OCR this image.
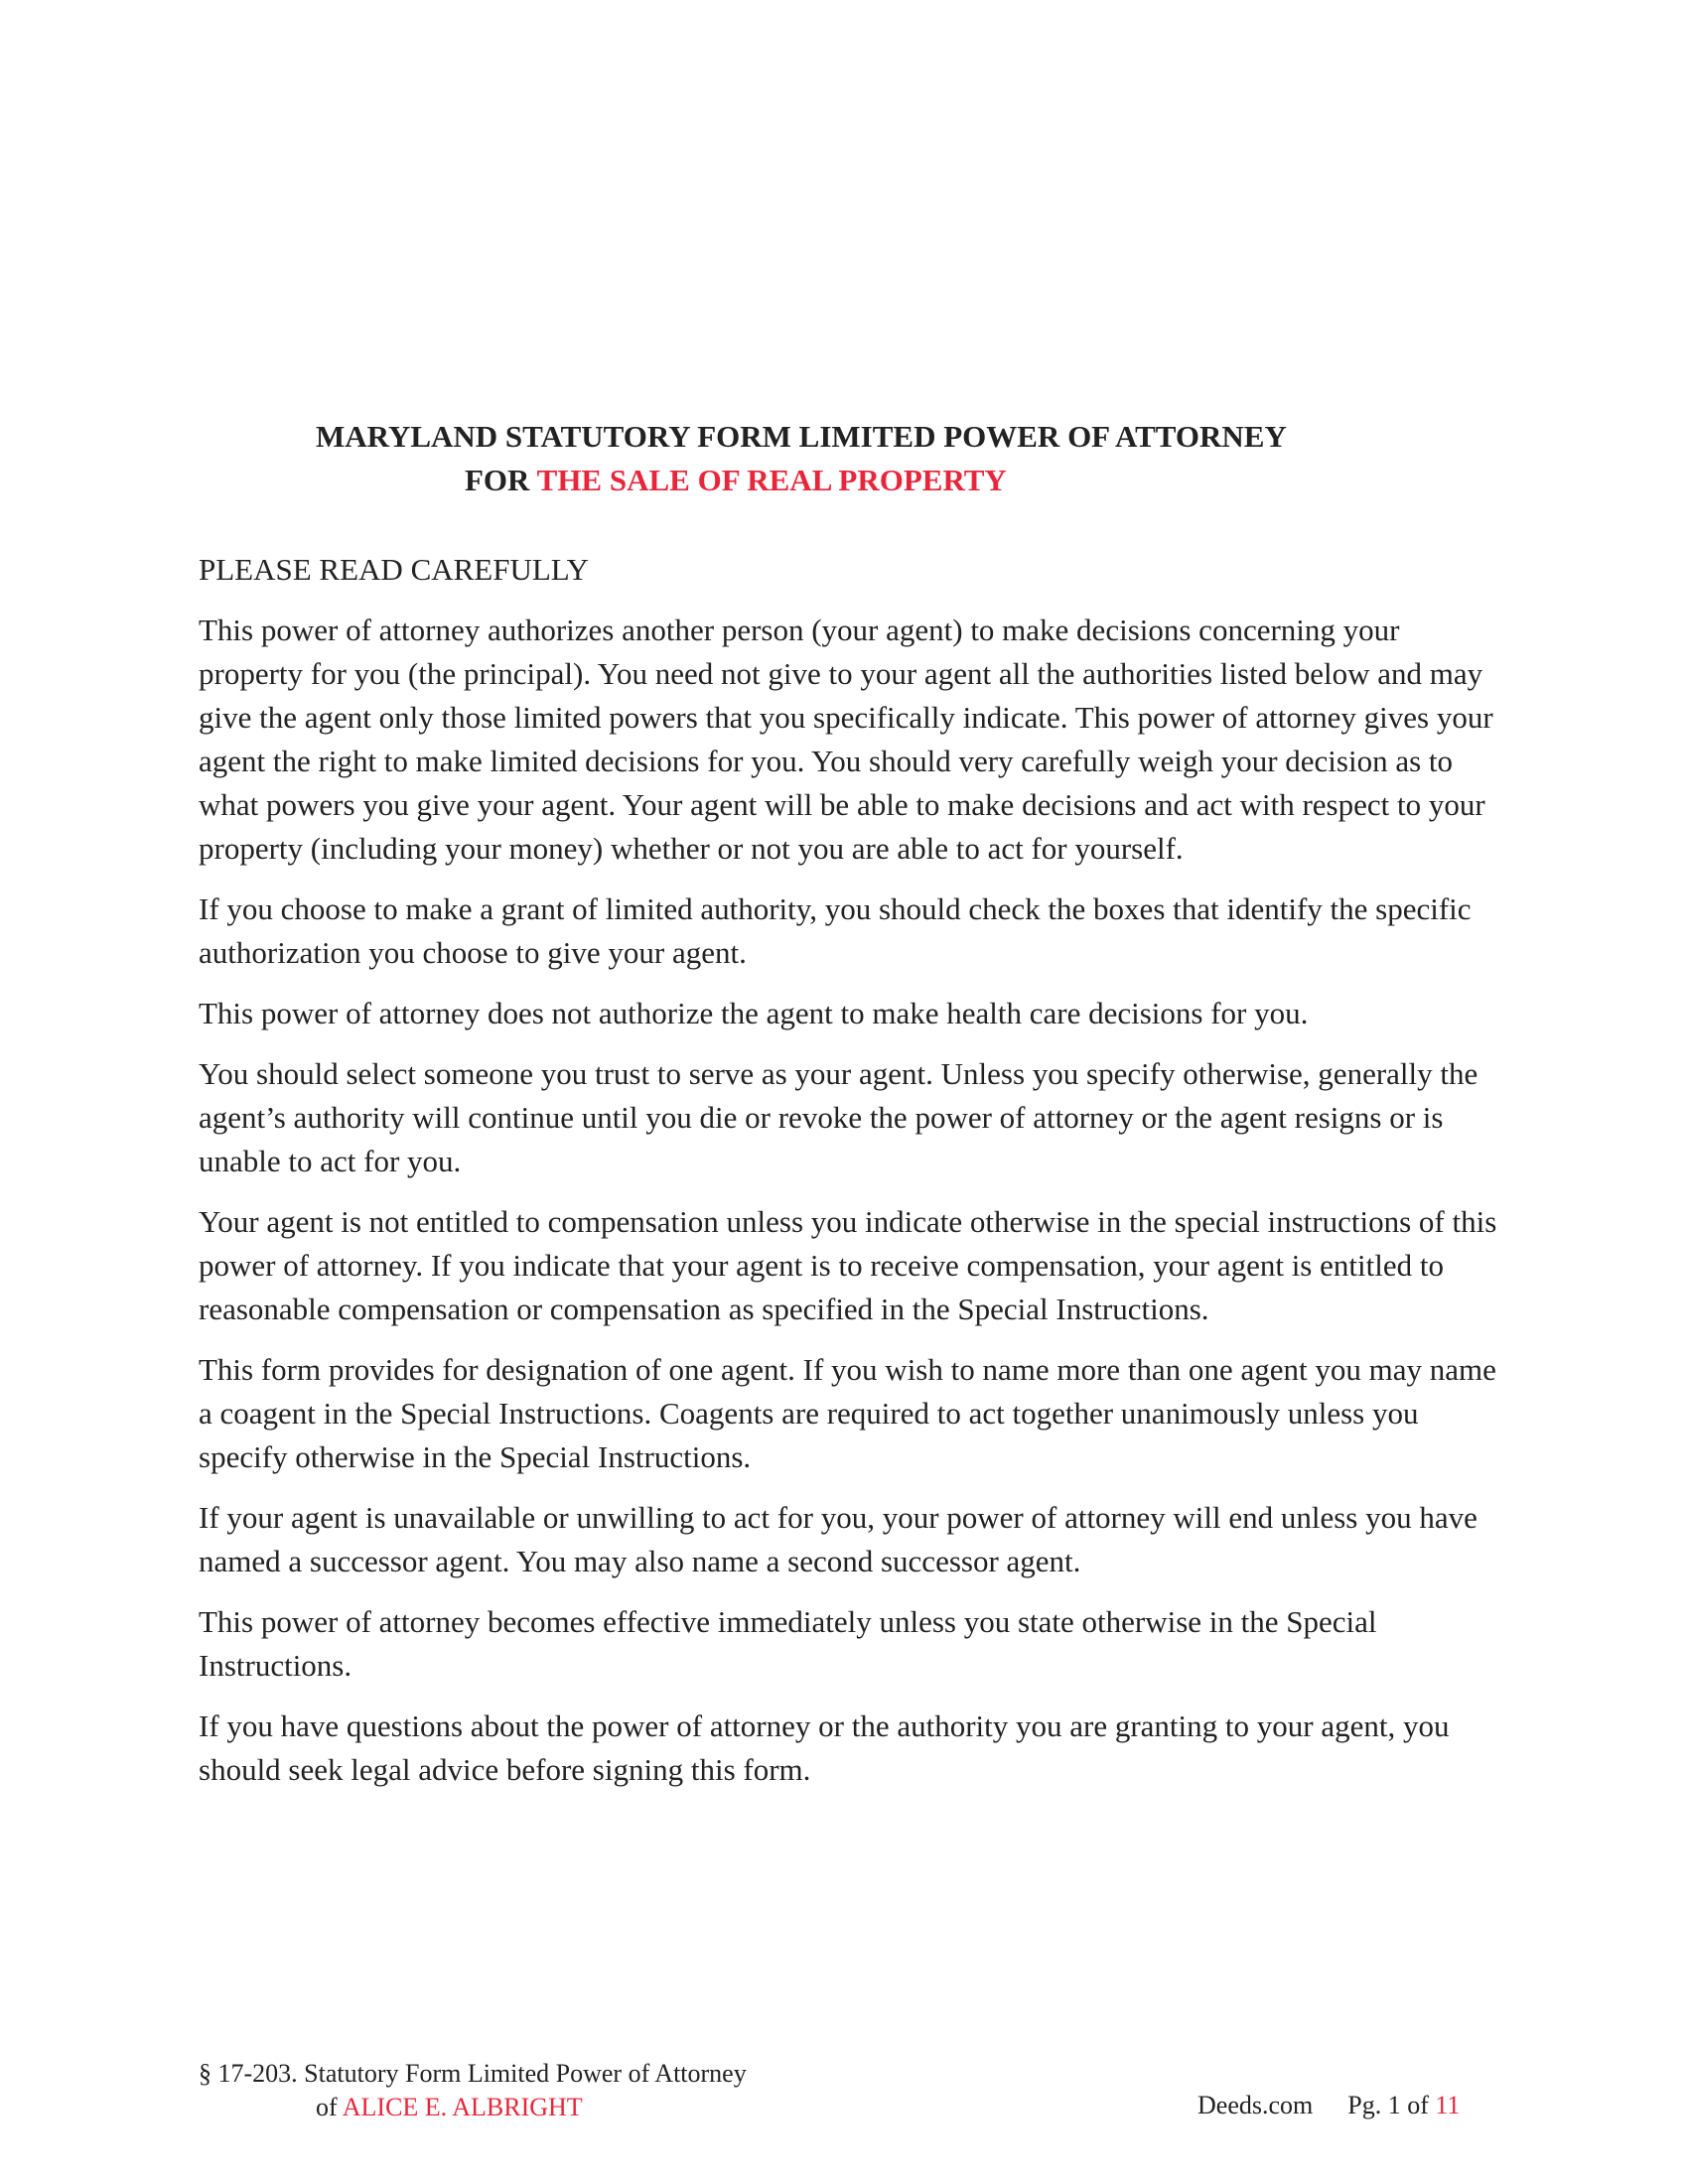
MARYLAND STATUTORY FORM LIMITED POWER OF ATTORNEY
FOR THE SALE OF REAL PROPERTY

PLEASE READ CAREFULLY

This power of attorney authorizes another person (your agent) to make decisions concerning your property for you (the principal). You need not give to your agent all the authorities listed below and may give the agent only those limited powers that you specifically indicate. This power of attorney gives your agent the right to make limited decisions for you. You should very carefully weigh your decision as to what powers you give your agent. Your agent will be able to make decisions and act with respect to your property (including your money) whether or not you are able to act for yourself.

If you choose to make a grant of limited authority, you should check the boxes that identify the specific authorization you choose to give your agent.

This power of attorney does not authorize the agent to make health care decisions for you.

You should select someone you trust to serve as your agent. Unless you specify otherwise, generally the agent’s authority will continue until you die or revoke the power of attorney or the agent resigns or is unable to act for you.

Your agent is not entitled to compensation unless you indicate otherwise in the special instructions of this power of attorney. If you indicate that your agent is to receive compensation, your agent is entitled to reasonable compensation or compensation as specified in the Special Instructions.

This form provides for designation of one agent. If you wish to name more than one agent you may name a coagent in the Special Instructions. Coagents are required to act together unanimously unless you specify otherwise in the Special Instructions.

If your agent is unavailable or unwilling to act for you, your power of attorney will end unless you have named a successor agent. You may also name a second successor agent.

This power of attorney becomes effective immediately unless you state otherwise in the Special Instructions.

If you have questions about the power of attorney or the authority you are granting to your agent, you should seek legal advice before signing this form.

§ 17-203. Statutory Form Limited Power of Attorney
of ALICE E. ALBRIGHT	Deeds.com Pg. 1 of 11
